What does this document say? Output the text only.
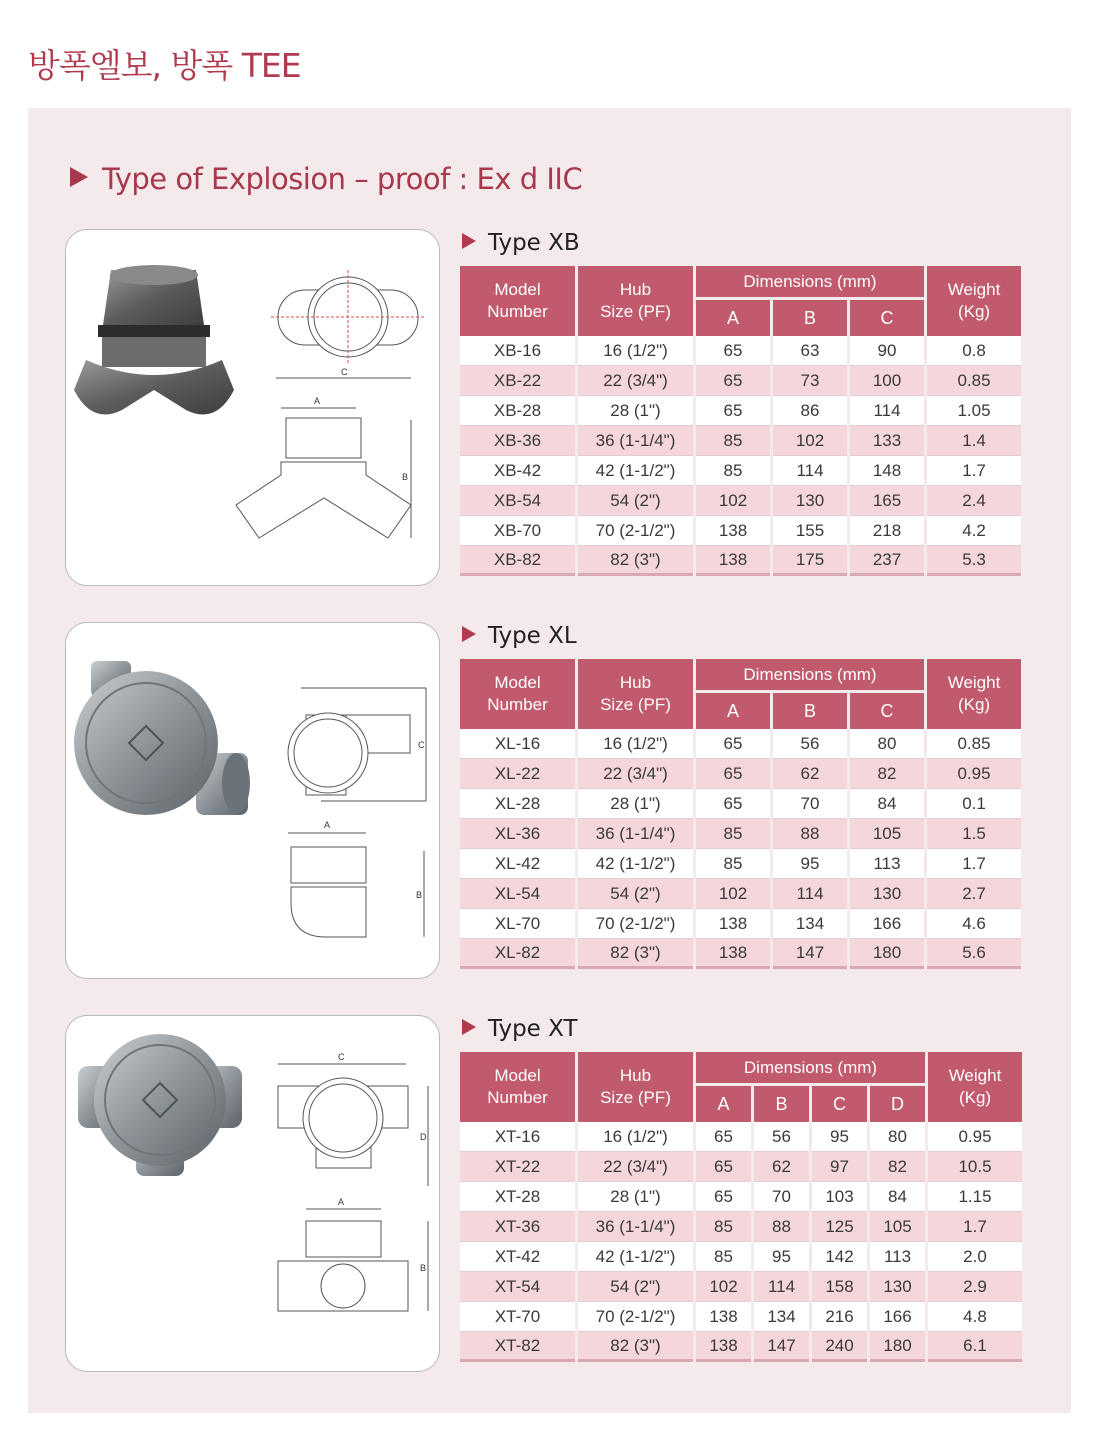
방폭엘보, 방폭 TEE
Type of Explosion – proof : Ex d IIC
C
A
B
Type XB
Model
Number	Hub
Size (PF)	Dimensions (mm)			Weight
(Kg)
		A	B	C	
XB-16	16 (1/2")	65	63	90	0.8
XB-22	22 (3/4")	65	73	100	0.85
XB-28	28 (1")	65	86	114	1.05
XB-36	36 (1-1/4")	85	102	133	1.4
XB-42	42 (1-1/2")	85	114	148	1.7
XB-54	54 (2")	102	130	165	2.4
XB-70	70 (2-1/2")	138	155	218	4.2
XB-82	82 (3")	138	175	237	5.3
C
A
B
Type XL
Model
Number	Hub
Size (PF)	Dimensions (mm)			Weight
(Kg)
		A	B	C	
XL-16	16 (1/2")	65	56	80	0.85
XL-22	22 (3/4")	65	62	82	0.95
XL-28	28 (1")	65	70	84	0.1
XL-36	36 (1-1/4")	85	88	105	1.5
XL-42	42 (1-1/2")	85	95	113	1.7
XL-54	54 (2")	102	114	130	2.7
XL-70	70 (2-1/2")	138	134	166	4.6
XL-82	82 (3")	138	147	180	5.6
C
D
A
B
Type XT
Model
Number	Hub
Size (PF)	Dimensions (mm)				Weight
(Kg)
		A	B	C	D	
XT-16	16 (1/2")	65	56	95	80	0.95
XT-22	22 (3/4")	65	62	97	82	10.5
XT-28	28 (1")	65	70	103	84	1.15
XT-36	36 (1-1/4")	85	88	125	105	1.7
XT-42	42 (1-1/2")	85	95	142	113	2.0
XT-54	54 (2")	102	114	158	130	2.9
XT-70	70 (2-1/2")	138	134	216	166	4.8
XT-82	82 (3")	138	147	240	180	6.1
